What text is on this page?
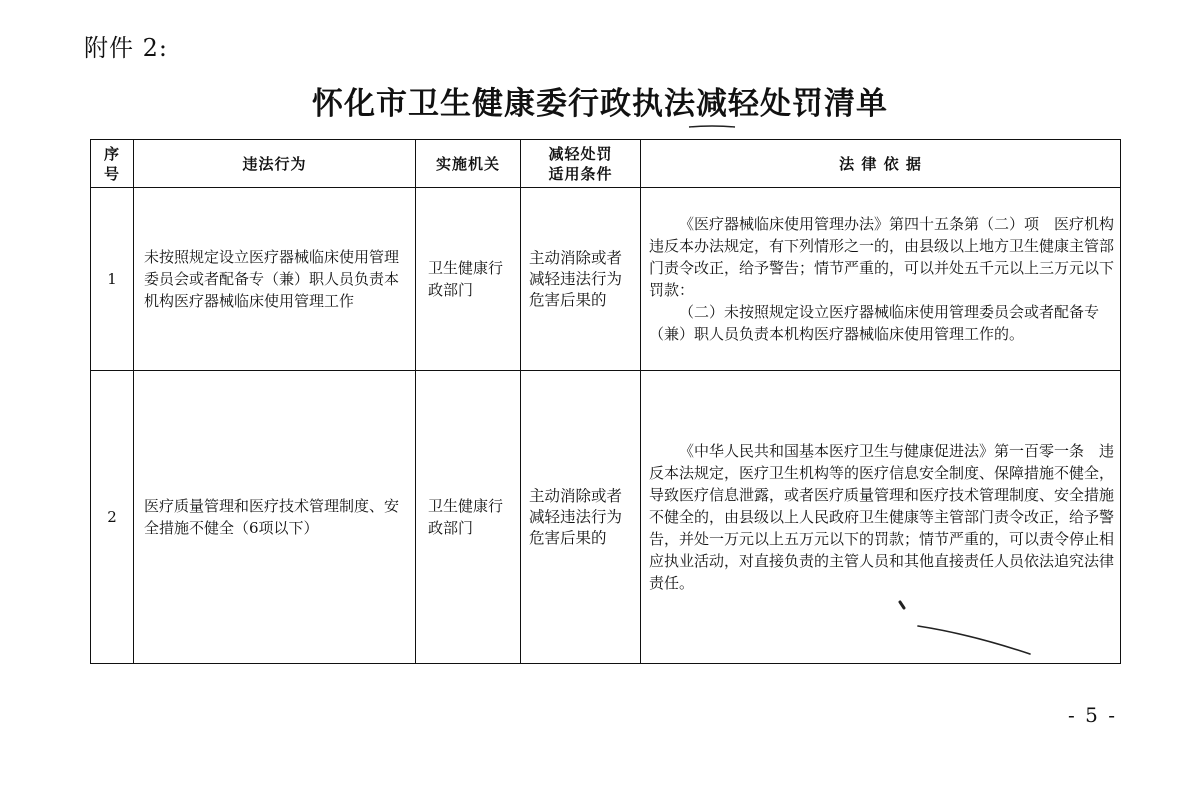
附件 2:
怀化市卫生健康委行政执法减轻处罚清单
序号	违法行为	实施机关	减轻处罚适用条件	法 律 依 据
1	未按照规定设立医疗器械临床使用管理委员会或者配备专（兼）职人员负责本机构医疗器械临床使用管理工作	卫生健康行政部门	主动消除或者减轻违法行为危害后果的	《医疗器械临床使用管理办法》第四十五条第（二）项　医疗机构违反本办法规定，有下列情形之一的，由县级以上地方卫生健康主管部门责令改正，给予警告；情节严重的，可以并处五千元以上三万元以下罚款：

（二）未按照规定设立医疗器械临床使用管理委员会或者配备专（兼）职人员负责本机构医疗器械临床使用管理工作的。

2	医疗质量管理和医疗技术管理制度、安全措施不健全（6项以下）	卫生健康行政部门	主动消除或者减轻违法行为危害后果的	《中华人民共和国基本医疗卫生与健康促进法》第一百零一条　违反本法规定，医疗卫生机构等的医疗信息安全制度、保障措施不健全，导致医疗信息泄露，或者医疗质量管理和医疗技术管理制度、安全措施不健全的，由县级以上人民政府卫生健康等主管部门责令改正，给予警告，并处一万元以上五万元以下的罚款；情节严重的，可以责令停止相应执业活动，对直接负责的主管人员和其他直接责任人员依法追究法律责任。

- 5 -
